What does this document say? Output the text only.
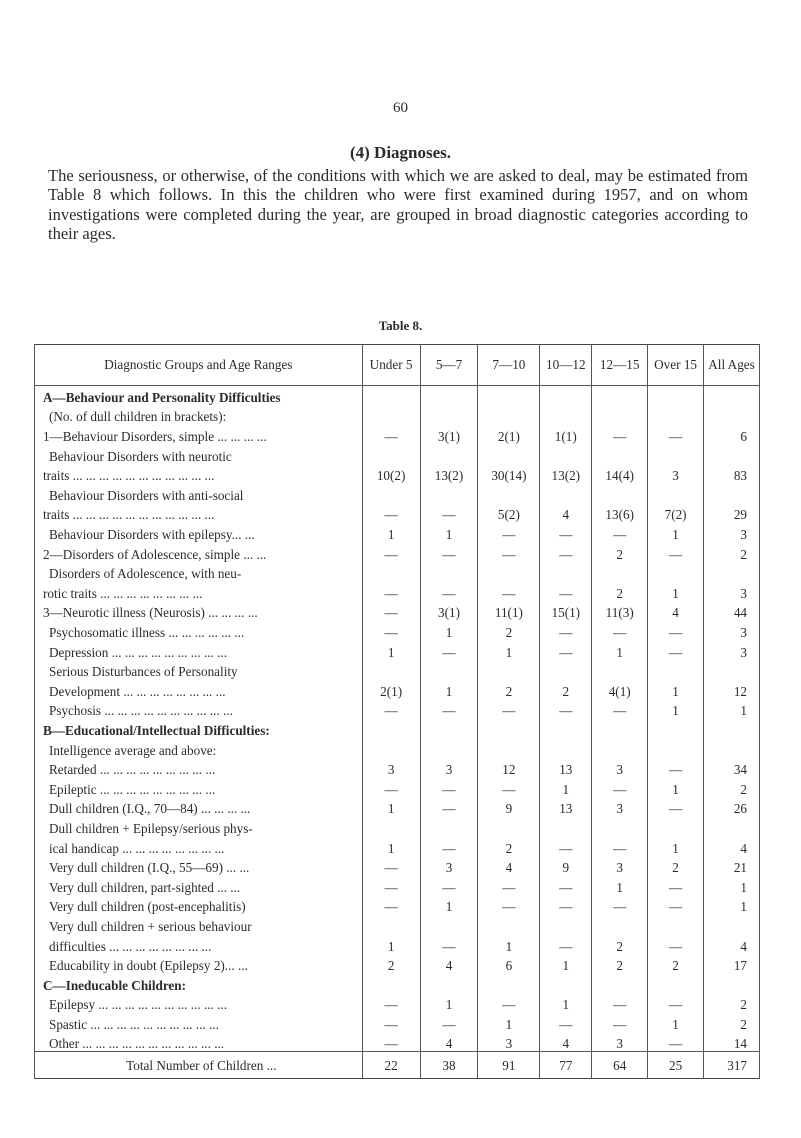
60
(4) Diagnoses.

The seriousness, or otherwise, of the conditions with which we are asked to deal, may be estimated from Table 8 which follows. In this the children who were first examined during 1957, and on whom investigations were completed during the year, are grouped in broad diagnostic categories according to their ages.

Table 8.
Diagnostic Groups and Age Ranges	Under 5	5—7	7—10	10—12	12—15	Over 15	All Ages
A—Behaviour and Personality Difficulties							
(No. of dull children in brackets):							
1—Behaviour Disorders, simple ... ... ... ...	—	3(1)	2(1)	1(1)	—	—	6
Behaviour Disorders with neurotic							
traits ... ... ... ... ... ... ... ... ... ... ...	10(2)	13(2)	30(14)	13(2)	14(4)	3	83
Behaviour Disorders with anti-social							
traits ... ... ... ... ... ... ... ... ... ... ...	—	—	5(2)	4	13(6)	7(2)	29
Behaviour Disorders with epilepsy... ...	1	1	—	—	—	1	3
2—Disorders of Adolescence, simple ... ...	—	—	—	—	2	—	2
Disorders of Adolescence, with neu-							
rotic traits ... ... ... ... ... ... ... ...	—	—	—	—	2	1	3
3—Neurotic illness (Neurosis) ... ... ... ...	—	3(1)	11(1)	15(1)	11(3)	4	44
Psychosomatic illness ... ... ... ... ... ...	—	1	2	—	—	—	3
Depression ... ... ... ... ... ... ... ... ...	1	—	1	—	1	—	3
Serious Disturbances of Personality							
Development ... ... ... ... ... ... ... ...	2(1)	1	2	2	4(1)	1	12
Psychosis ... ... ... ... ... ... ... ... ... ...	—	—	—	—	—	1	1
B—Educational/Intellectual Difficulties:							
Intelligence average and above:							
Retarded ... ... ... ... ... ... ... ... ...	3	3	12	13	3	—	34
Epileptic ... ... ... ... ... ... ... ... ...	—	—	—	1	—	1	2
Dull children (I.Q., 70—84) ... ... ... ...	1	—	9	13	3	—	26
Dull children + Epilepsy/serious phys-							
ical handicap ... ... ... ... ... ... ... ...	1	—	2	—	—	1	4
Very dull children (I.Q., 55—69) ... ...	—	3	4	9	3	2	21
Very dull children, part-sighted ... ...	—	—	—	—	1	—	1
Very dull children (post-encephalitis)	—	1	—	—	—	—	1
Very dull children + serious behaviour							
difficulties ... ... ... ... ... ... ... ...	1	—	1	—	2	—	4
Educability in doubt (Epilepsy 2)... ...	2	4	6	1	2	2	17
C—Ineducable Children:							
Epilepsy ... ... ... ... ... ... ... ... ... ...	—	1	—	1	—	—	2
Spastic ... ... ... ... ... ... ... ... ... ...	—	—	1	—	—	1	2
Other ... ... ... ... ... ... ... ... ... ... ...	—	4	3	4	3	—	14
Total Number of Children ...	22	38	91	77	64	25	317
